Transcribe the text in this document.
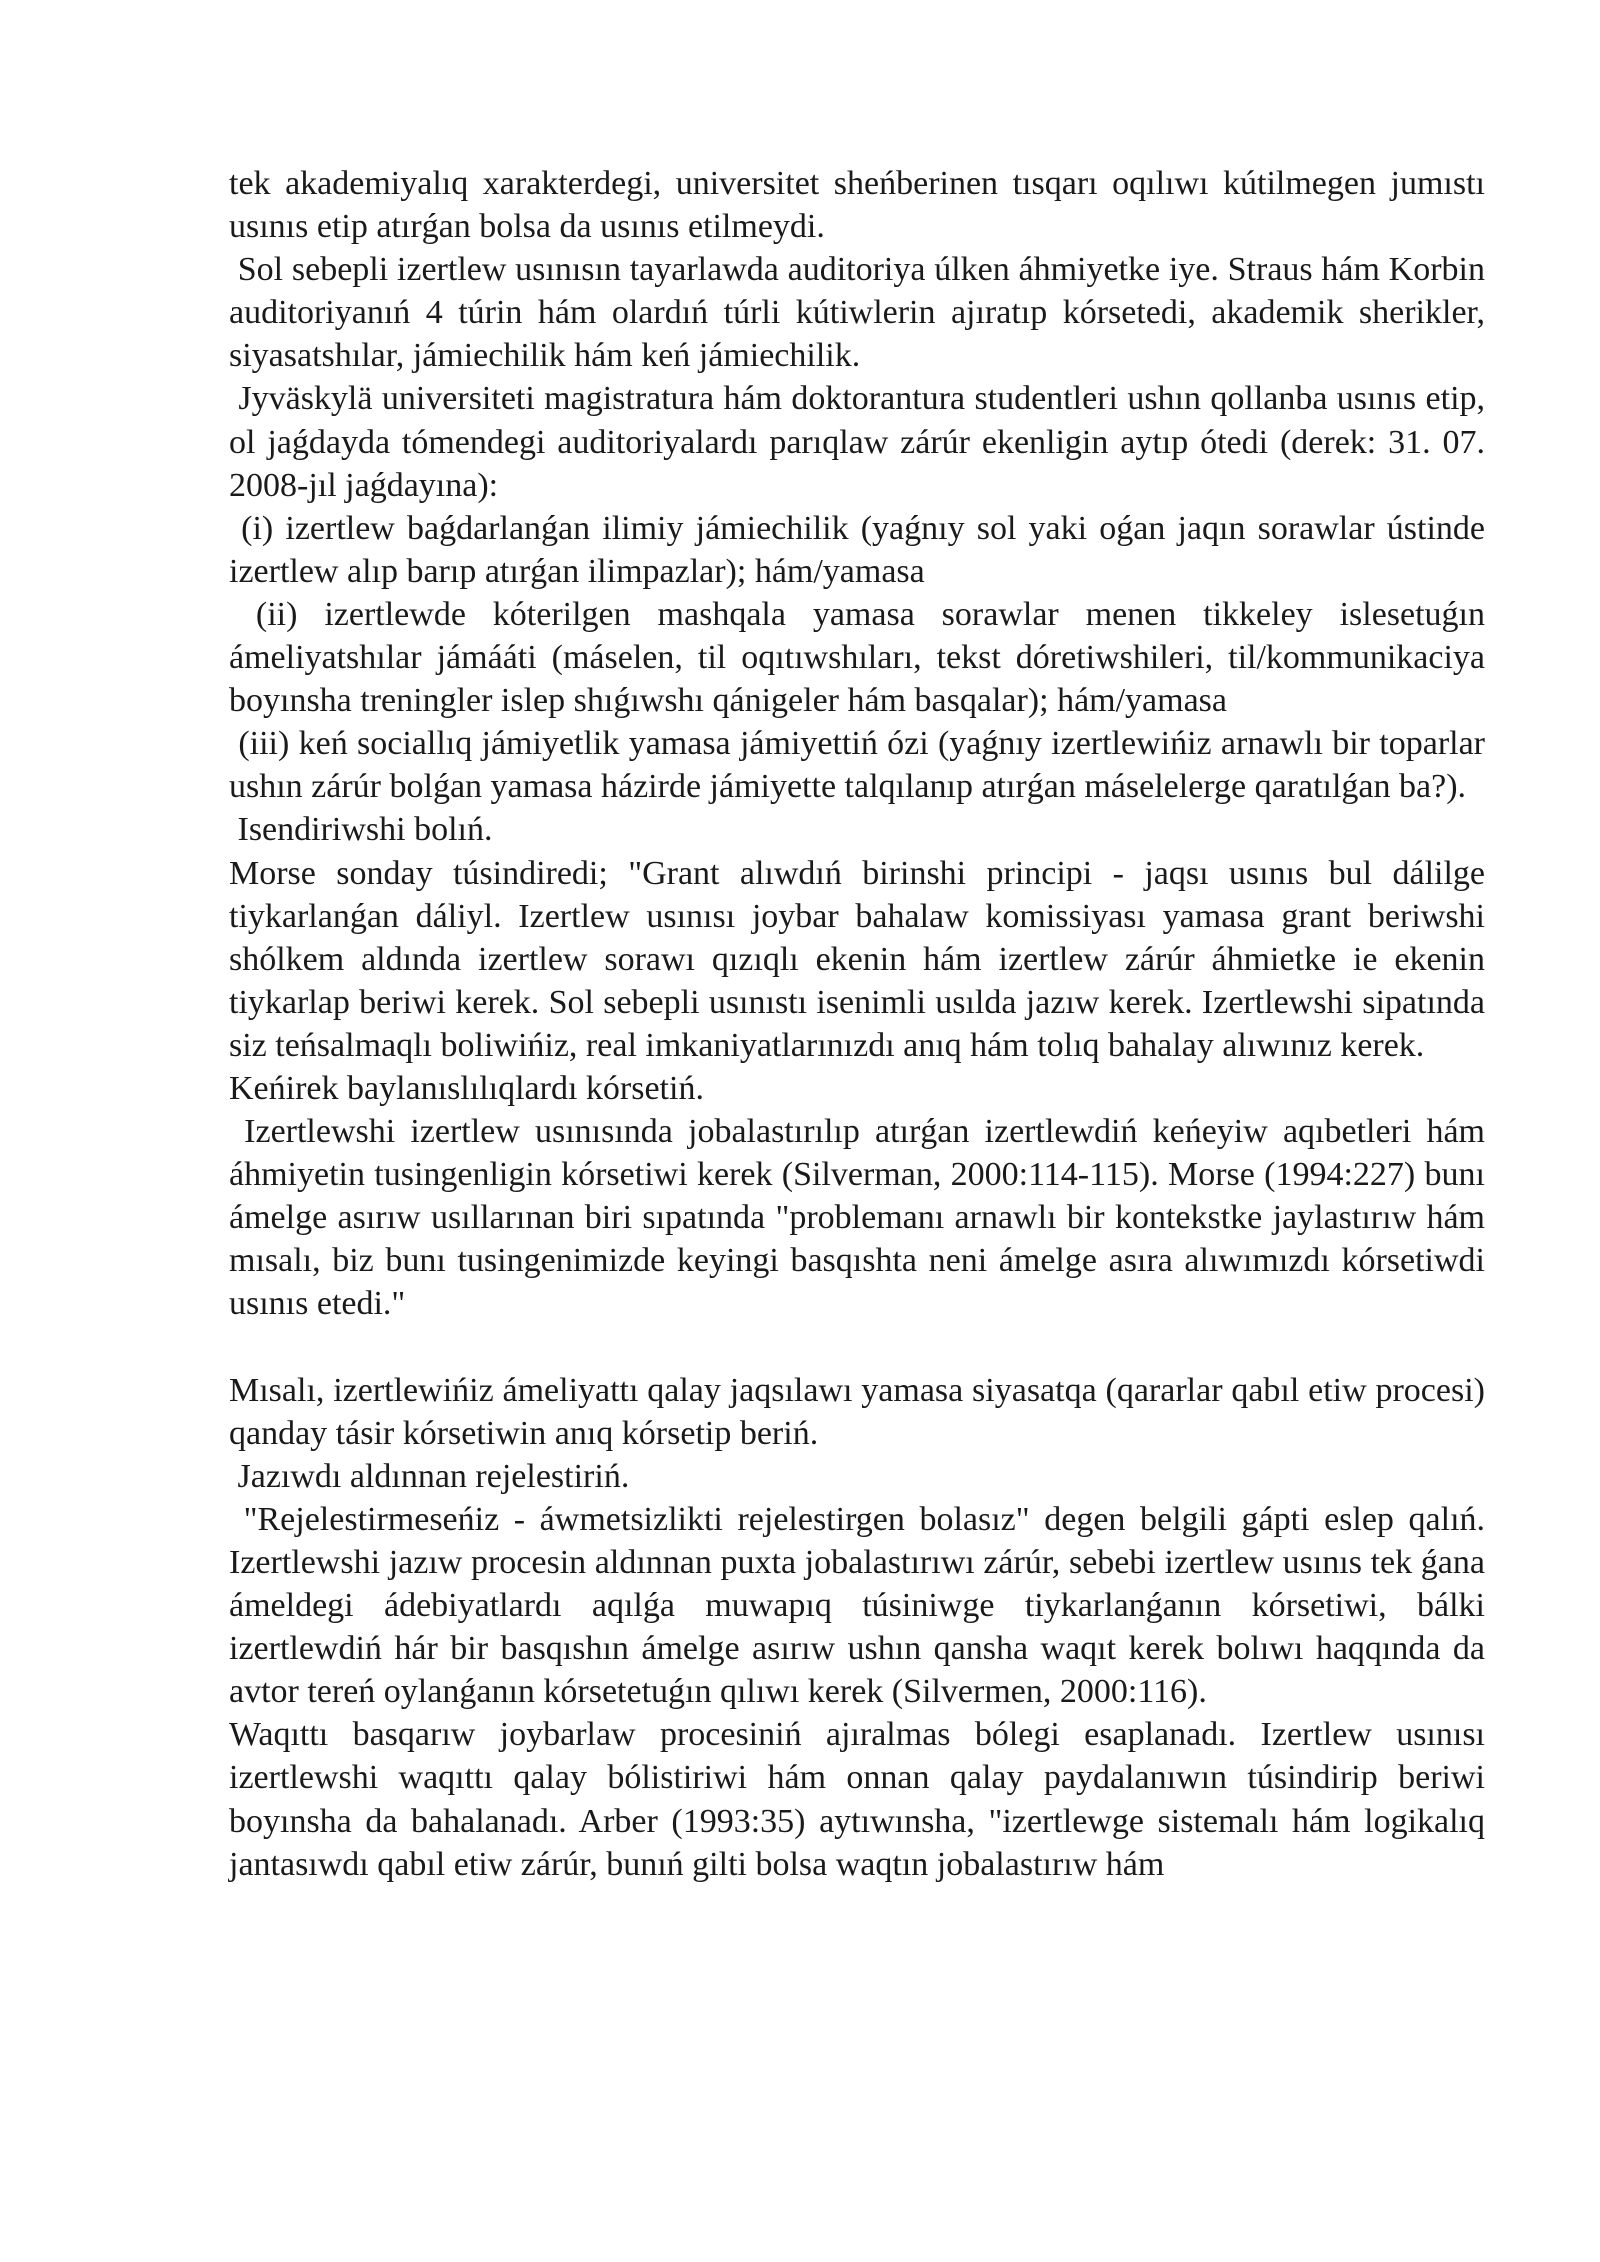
tek akademiyalıq xarakterdegi, universitet sheńberinen tısqarı oqılıwı kútilmegen jumıstı usınıs etip atırǵan bolsa da usınıs etilmeydi.

Sol sebepli izertlew usınısın tayarlawda auditoriya úlken áhmiyetke iye. Straus hám Korbin auditoriyanıń 4 túrin hám olardıń túrli kútiwlerin ajıratıp kórsetedi, akademik sherikler, siyasatshılar, jámiechilik hám keń jámiechilik.

Jyväskylä universiteti magistratura hám doktorantura studentleri ushın qollanba usınıs etip, ol jaǵdayda tómendegi auditoriyalardı parıqlaw zárúr ekenligin aytıp ótedi (derek: 31. 07. 2008-jıl jaǵdayına):

(i) izertlew baǵdarlanǵan ilimiy jámiechilik (yaǵnıy sol yaki oǵan jaqın sorawlar ústinde izertlew alıp barıp atırǵan ilimpazlar); hám/yamasa

(ii) izertlewde kóterilgen mashqala yamasa sorawlar menen tikkeley islesetuǵın ámeliyatshılar jámááti (máselen, til oqıtıwshıları, tekst dóretiwshileri, til/kommunikaciya boyınsha treningler islep shıǵıwshı qánigeler hám basqalar); hám/yamasa

(iii) keń sociallıq jámiyetlik yamasa jámiyettiń ózi (yaǵnıy izertlewińiz arnawlı bir toparlar ushın zárúr bolǵan yamasa házirde jámiyette talqılanıp atırǵan máselelerge qaratılǵan ba?).

Isendiriwshi bolıń.

Morse sonday túsindiredi; "Grant alıwdıń birinshi principi - jaqsı usınıs bul dálilge tiykarlanǵan dáliyl. Izertlew usınısı joybar bahalaw komissiyası yamasa grant beriwshi shólkem aldında izertlew sorawı qızıqlı ekenin hám izertlew zárúr áhmietke ie ekenin tiykarlap beriwi kerek. Sol sebepli usınıstı isenimli usılda jazıw kerek. Izertlewshi sipatında siz teńsalmaqlı boliwińiz, real imkaniyatlarınızdı anıq hám tolıq bahalay alıwınız kerek.

Keńirek baylanıslılıqlardı kórsetiń.

Izertlewshi izertlew usınısında jobalastırılıp atırǵan izertlewdiń keńeyiw aqıbetleri hám áhmiyetin tusingenligin kórsetiwi kerek (Silverman, 2000:114-115). Morse (1994:227) bunı ámelge asırıw usıllarınan biri sıpatında "problemanı arnawlı bir kontekstke jaylastırıw hám mısalı, biz bunı tusingenimizde keyingi basqıshta neni ámelge asıra alıwımızdı kórsetiwdi usınıs etedi."

Mısalı, izertlewińiz ámeliyattı qalay jaqsılawı yamasa siyasatqa (qararlar qabıl etiw procesi) qanday tásir kórsetiwin anıq kórsetip beriń.

Jazıwdı aldınnan rejelestiriń.

"Rejelestirmeseńiz - áwmetsizlikti rejelestirgen bolasız" degen belgili gápti eslep qalıń. Izertlewshi jazıw procesin aldınnan puxta jobalastırıwı zárúr, sebebi izertlew usınıs tek ǵana ámeldegi ádebiyatlardı aqılǵa muwapıq túsiniwge tiykarlanǵanın kórsetiwi, bálki izertlewdiń hár bir basqıshın ámelge asırıw ushın qansha waqıt kerek bolıwı haqqında da avtor tereń oylanǵanın kórsetetuǵın qılıwı kerek (Silvermen, 2000:116).

Waqıttı basqarıw joybarlaw procesiniń ajıralmas bólegi esaplanadı. Izertlew usınısı izertlewshi waqıttı qalay bólistiriwi hám onnan qalay paydalanıwın túsindirip beriwi boyınsha da bahalanadı. Arber (1993:35) aytıwınsha, "izertlewge sistemalı hám logikalıq jantasıwdı qabıl etiw zárúr, bunıń gilti bolsa waqtın jobalastırıw hám
